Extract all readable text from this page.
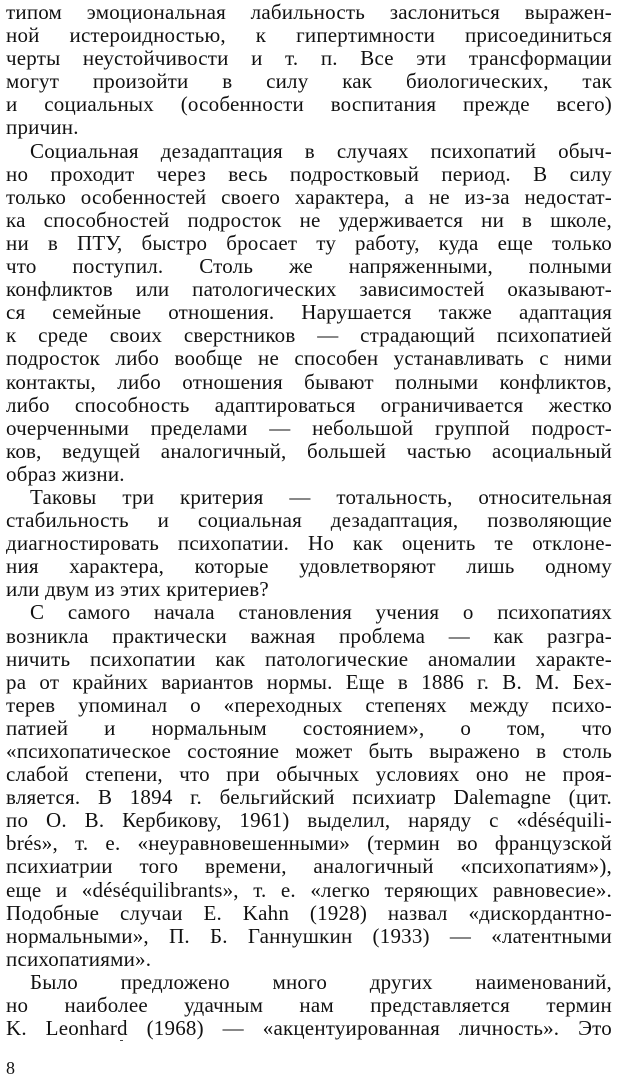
типом эмоциональная лабильность заслониться выражен-
ной истероидностью, к гипертимности присоединиться
черты неустойчивости и т. п. Все эти трансформации
могут произойти в силу как биологических, так
и социальных (особенности воспитания прежде всего)
причин.
Социальная дезадаптация в случаях психопатий обыч-
но проходит через весь подростковый период. В силу
только особенностей своего характера, а не из-за недостат-
ка способностей подросток не удерживается ни в школе,
ни в ПТУ, быстро бросает ту работу, куда еще только
что поступил. Столь же напряженными, полными
конфликтов или патологических зависимостей оказывают-
ся семейные отношения. Нарушается также адаптация
к среде своих сверстников — страдающий психопатией
подросток либо вообще не способен устанавливать с ними
контакты, либо отношения бывают полными конфликтов,
либо способность адаптироваться ограничивается жестко
очерченными пределами — небольшой группой подрост-
ков, ведущей аналогичный, большей частью асоциальный
образ жизни.
Таковы три критерия — тотальность, относительная
стабильность и социальная дезадаптация, позволяющие
диагностировать психопатии. Но как оценить те отклоне-
ния характера, которые удовлетворяют лишь одному
или двум из этих критериев?
С самого начала становления учения о психопатиях
возникла практически важная проблема — как разгра-
ничить психопатии как патологические аномалии характе-
ра от крайних вариантов нормы. Еще в 1886 г. В. М. Бех-
терев упоминал о «переходных степенях между психо-
патией и нормальным состоянием», о том, что
«психопатическое состояние может быть выражено в столь
слабой степени, что при обычных условиях оно не проя-
вляется. В 1894 г. бельгийский психиатр Dalemagne (цит.
по О. В. Кербикову, 1961) выделил, наряду с «déséquili-
brés», т. е. «неуравновешенными» (термин во французской
психиатрии того времени, аналогичный «психопатиям»),
еще и «déséquilibrants», т. е. «легко теряющих равновесие».
Подобные случаи E. Kahn (1928) назвал «дискордантно-
нормальными», П. Б. Ганнушкин (1933) — «латентными
психопатиями».
Было предложено много других наименований,
но наиболее удачным нам представляется термин
K. Leonhard (1968) — «акцентуированная личность». Это
8
